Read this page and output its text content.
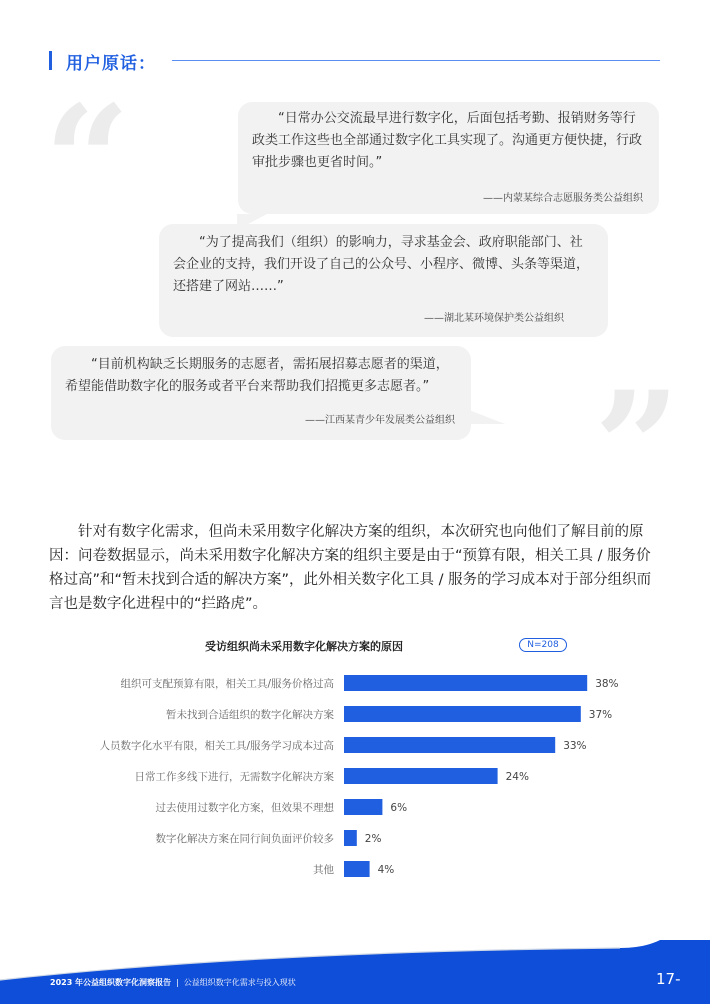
用户原话：
“
”
“日常办公交流最早进行数字化，后面包括考勤、报销财务等行政类工作这些也全部通过数字化工具实现了。沟通更方便快捷，行政审批步骤也更省时间。”
——内蒙某综合志愿服务类公益组织
“为了提高我们（组织）的影响力，寻求基金会、政府职能部门、社会企业的支持，我们开设了自己的公众号、小程序、微博、头条等渠道，还搭建了网站……”
——湖北某环境保护类公益组织
“目前机构缺乏长期服务的志愿者，需拓展招募志愿者的渠道，希望能借助数字化的服务或者平台来帮助我们招揽更多志愿者。”
——江西某青少年发展类公益组织

针对有数字化需求，但尚未采用数字化解决方案的组织，本次研究也向他们了解目前的原因：问卷数据显示，尚未采用数字化解决方案的组织主要是由于“预算有限，相关工具 / 服务价格过高”和“暂未找到合适的解决方案”，此外相关数字化工具 / 服务的学习成本对于部分组织而言也是数字化进程中的“拦路虎”。

受访组织尚未采用数字化解决方案的原因	N=208
组织可支配预算有限，相关工具/服务价格过高	38%
暂未找到合适组织的数字化解决方案	37%
人员数字化水平有限，相关工具/服务学习成本过高	33%
日常工作多线下进行，无需数字化解决方案	24%
过去使用过数字化方案，但效果不理想	6%
数字化解决方案在同行间负面评价较多	2%
其他	4%
2023 年公益组织数字化洞察报告 | 公益组织数字化需求与投入现状	17-
